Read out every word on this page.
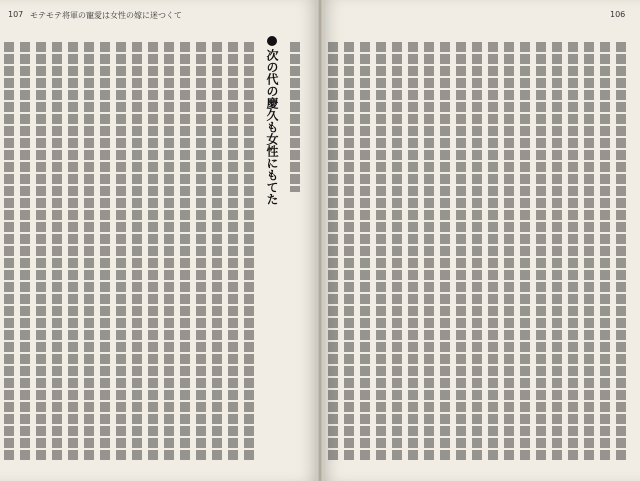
107 モテモテ将軍の寵愛は女性の嫁に迷つくて
次の代の慶久も女性にもてた
106
